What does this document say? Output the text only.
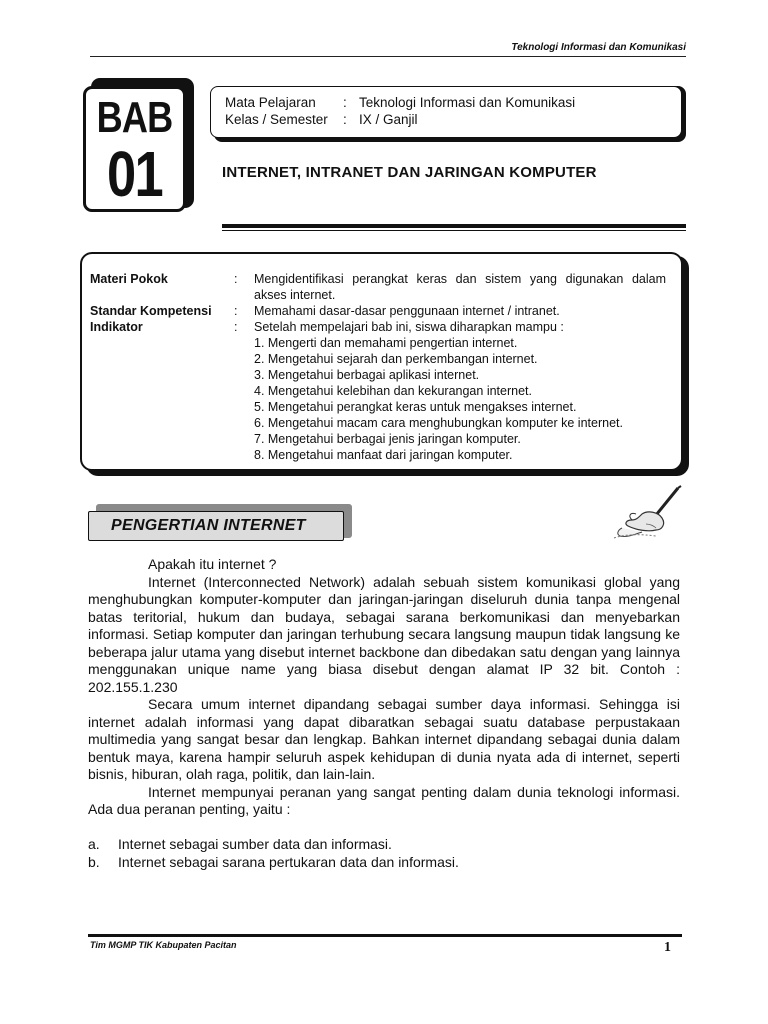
Teknologi Informasi dan Komunikasi
BAB
01
Mata Pelajaran : Teknologi Informasi dan Komunikasi
Kelas / Semester : IX / Ganjil
INTERNET, INTRANET DAN JARINGAN KOMPUTER
Materi Pokok	: Mengidentifikasi perangkat keras dan sistem yang digunakan dalam akses internet.
Standar Kompetensi : Memahami dasar-dasar penggunaan internet / intranet.
Indikator	: Setelah mempelajari bab ini, siswa diharapkan mampu :
1. Mengerti dan memahami pengertian internet.
2. Mengetahui sejarah dan perkembangan internet.
3. Mengetahui berbagai aplikasi internet.
4. Mengetahui kelebihan dan kekurangan internet.
5. Mengetahui perangkat keras untuk mengakses internet.
6. Mengetahui macam cara menghubungkan komputer ke internet.
7. Mengetahui berbagai jenis jaringan komputer.
8. Mengetahui manfaat dari jaringan komputer.
PENGERTIAN INTERNET

Apakah itu internet ?

Internet (Interconnected Network) adalah sebuah sistem komunikasi global yang menghubungkan komputer-komputer dan jaringan-jaringan diseluruh dunia tanpa mengenal batas teritorial, hukum dan budaya, sebagai sarana berkomunikasi dan menyebarkan informasi. Setiap komputer dan jaringan terhubung secara langsung maupun tidak langsung ke beberapa jalur utama yang disebut internet backbone dan dibedakan satu dengan yang lainnya menggunakan unique name yang biasa disebut dengan alamat IP 32 bit. Contoh : 202.155.1.230

Secara umum internet dipandang sebagai sumber daya informasi. Sehingga isi internet adalah informasi yang dapat dibaratkan sebagai suatu database perpustakaan multimedia yang sangat besar dan lengkap. Bahkan internet dipandang sebagai dunia dalam bentuk maya, karena hampir seluruh aspek kehidupan di dunia nyata ada di internet, seperti bisnis, hiburan, olah raga, politik, dan lain-lain.

Internet mempunyai peranan yang sangat penting dalam dunia teknologi informasi. Ada dua peranan penting, yaitu :

a.	Internet sebagai sumber data dan informasi.
b.	Internet sebagai sarana pertukaran data dan informasi.
Tim MGMP TIK Kabupaten Pacitan	1
